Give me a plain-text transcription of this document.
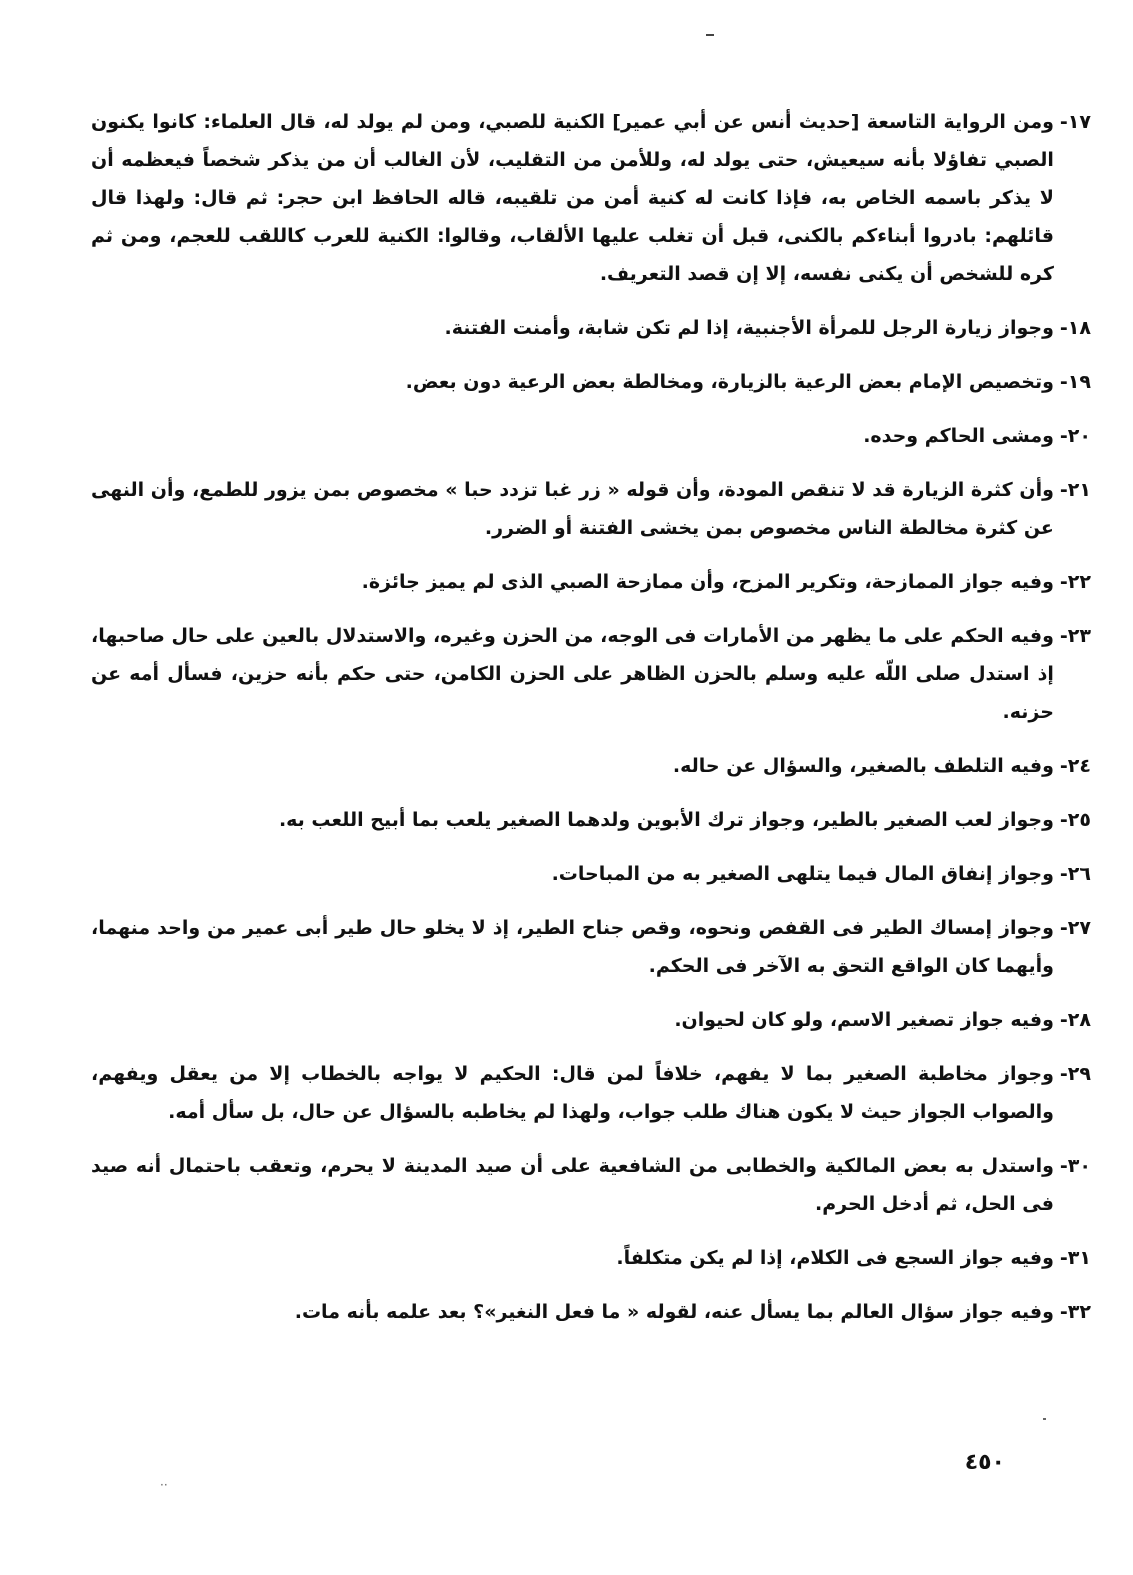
١٧-
ومن الرواية التاسعة [حديث أنس عن أبي عمير] الكنية للصبي، ومن لم يولد له، قال العلماء: كانوا يكنون الصبي تفاؤلا بأنه سيعيش، حتى يولد له، وللأمن من التقليب، لأن الغالب أن من يذكر شخصاً فيعظمه أن لا يذكر باسمه الخاص به، فإذا كانت له كنية أمن من تلقيبه، قاله الحافظ ابن حجر: ثم قال: ولهذا قال قائلهم: بادروا أبناءكم بالكنى، قبل أن تغلب عليها الألقاب، وقالوا: الكنية للعرب كاللقب للعجم، ومن ثم كره للشخص أن يكنى نفسه، إلا إن قصد التعريف.
١٨-
وجواز زيارة الرجل للمرأة الأجنبية، إذا لم تكن شابة، وأمنت الفتنة.
١٩-
وتخصيص الإمام بعض الرعية بالزيارة، ومخالطة بعض الرعية دون بعض.
٢٠-
ومشى الحاكم وحده.
٢١-
وأن كثرة الزيارة قد لا تنقص المودة، وأن قوله « زر غبا تزدد حبا » مخصوص بمن يزور للطمع، وأن النهى عن كثرة مخالطة الناس مخصوص بمن يخشى الفتنة أو الضرر.
٢٢-
وفيه جواز الممازحة، وتكرير المزح، وأن ممازحة الصبي الذى لم يميز جائزة.
٢٣-
وفيه الحكم على ما يظهر من الأمارات فى الوجه، من الحزن وغيره، والاستدلال بالعين على حال صاحبها، إذ استدل صلى اللّه عليه وسلم بالحزن الظاهر على الحزن الكامن، حتى حكم بأنه حزين، فسأل أمه عن حزنه.
٢٤-
وفيه التلطف بالصغير، والسؤال عن حاله.
٢٥-
وجواز لعب الصغير بالطير، وجواز ترك الأبوين ولدهما الصغير يلعب بما أبيح اللعب به.
٢٦-
وجواز إنفاق المال فيما يتلهى الصغير به من المباحات.
٢٧-
وجواز إمساك الطير فى القفص ونحوه، وقص جناح الطير، إذ لا يخلو حال طير أبى عمير من واحد منهما، وأيهما كان الواقع التحق به الآخر فى الحكم.
٢٨-
وفيه جواز تصغير الاسم، ولو كان لحيوان.
٢٩-
وجواز مخاطبة الصغير بما لا يفهم، خلافاً لمن قال: الحكيم لا يواجه بالخطاب إلا من يعقل ويفهم، والصواب الجواز حيث لا يكون هناك طلب جواب، ولهذا لم يخاطبه بالسؤال عن حال، بل سأل أمه.
٣٠-
واستدل به بعض المالكية والخطابى من الشافعية على أن صيد المدينة لا يحرم، وتعقب باحتمال أنه صيد فى الحل، ثم أدخل الحرم.
٣١-
وفيه جواز السجع فى الكلام، إذا لم يكن متكلفاً.
٣٢-
وفيه جواز سؤال العالم بما يسأل عنه، لقوله « ما فعل النغير»؟ بعد علمه بأنه مات.
٤٥٠
··
